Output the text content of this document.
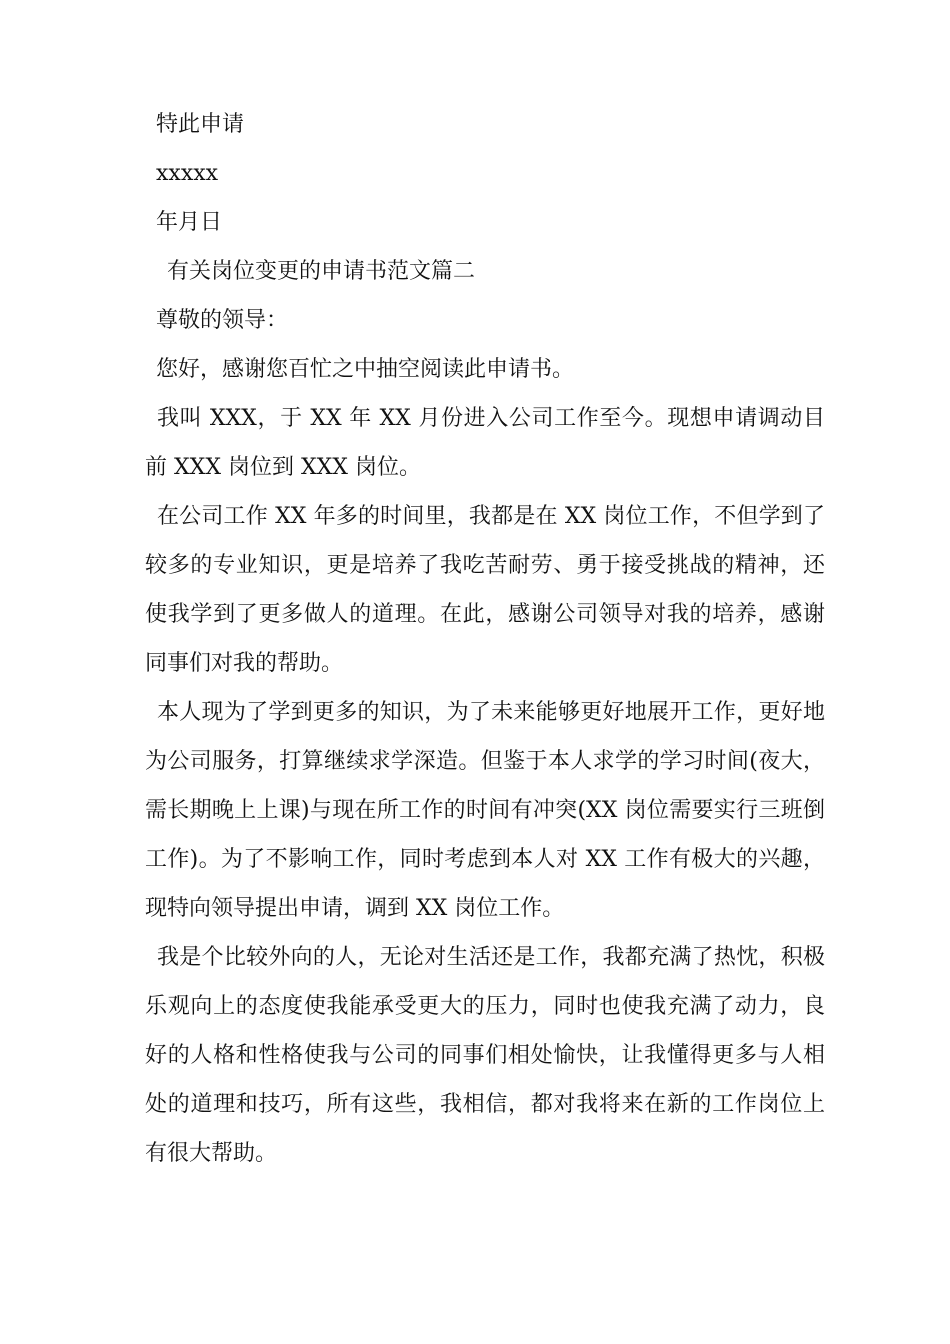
特此申请
xxxxx
年月日
有关岗位变更的申请书范文篇二
尊敬的领导：
您好，感谢您百忙之中抽空阅读此申请书。

我叫 XXX，于 XX 年 XX 月份进入公司工作至今。现想申请调动目前 XXX 岗位到 XXX 岗位。

在公司工作 XX 年多的时间里，我都是在 XX 岗位工作，不但学到了较多的专业知识，更是培养了我吃苦耐劳、勇于接受挑战的精神，还使我学到了更多做人的道理。在此，感谢公司领导对我的培养，感谢同事们对我的帮助。

本人现为了学到更多的知识，为了未来能够更好地展开工作，更好地为公司服务，打算继续求学深造。但鉴于本人求学的学习时间(夜大，需长期晚上上课)与现在所工作的时间有冲突(XX 岗位需要实行三班倒工作)。为了不影响工作，同时考虑到本人对 XX 工作有极大的兴趣，现特向领导提出申请，调到 XX 岗位工作。

我是个比较外向的人，无论对生活还是工作，我都充满了热忱，积极乐观向上的态度使我能承受更大的压力，同时也使我充满了动力，良好的人格和性格使我与公司的同事们相处愉快，让我懂得更多与人相处的道理和技巧，所有这些，我相信，都对我将来在新的工作岗位上有很大帮助。
